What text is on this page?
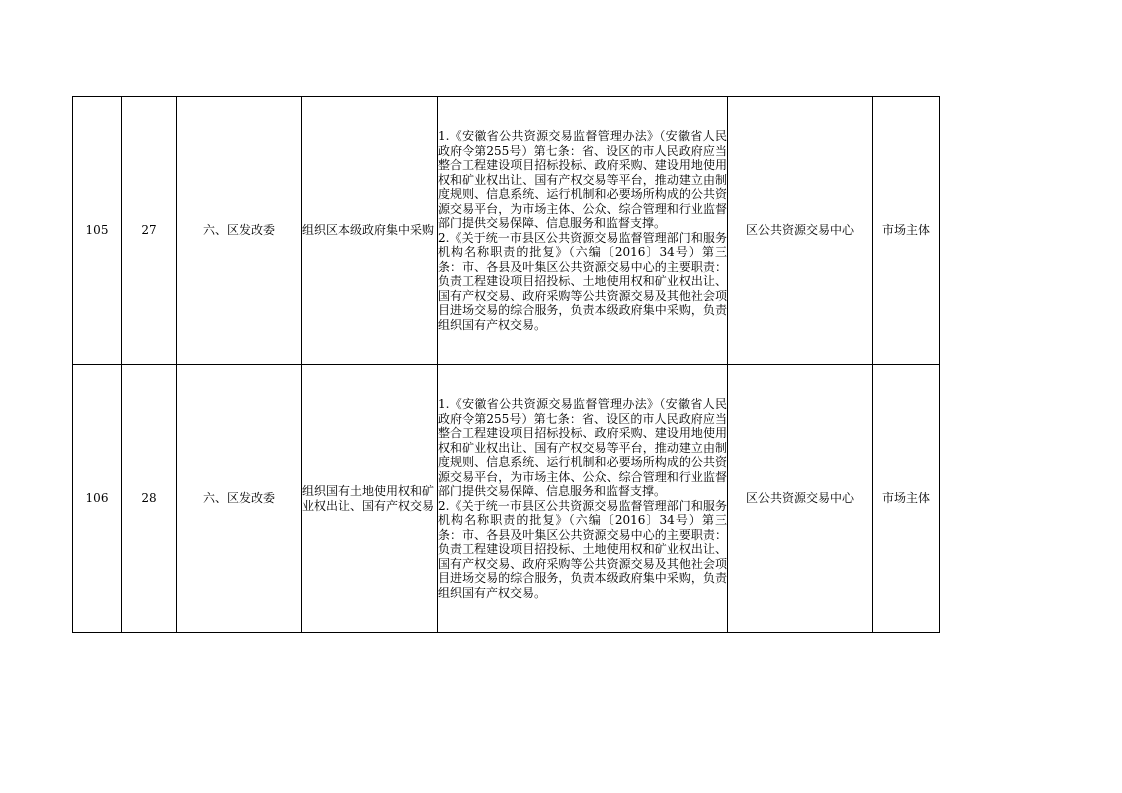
105	27	六、区发改委	组织区本级政府集中采购	1.《安徽省公共资源交易监督管理办法》（安徽省人民政府令第255号）第七条：省、设区的市人民政府应当整合工程建设项目招标投标、政府采购、建设用地使用权和矿业权出让、国有产权交易等平台，推动建立由制度规则、信息系统、运行机制和必要场所构成的公共资源交易平台，为市场主体、公众、综合管理和行业监督部门提供交易保障、信息服务和监督支撑。
2.《关于统一市县区公共资源交易监督管理部门和服务机构名称职责的批复》（六编〔2016〕34号）第三条：市、各县及叶集区公共资源交易中心的主要职责：负责工程建设项目招投标、土地使用权和矿业权出让、国有产权交易、政府采购等公共资源交易及其他社会项目进场交易的综合服务，负责本级政府集中采购，负责组织国有产权交易。	区公共资源交易中心	市场主体
106	28	六、区发改委	组织国有土地使用权和矿业权出让、国有产权交易	1.《安徽省公共资源交易监督管理办法》（安徽省人民政府令第255号）第七条：省、设区的市人民政府应当整合工程建设项目招标投标、政府采购、建设用地使用权和矿业权出让、国有产权交易等平台，推动建立由制度规则、信息系统、运行机制和必要场所构成的公共资源交易平台，为市场主体、公众、综合管理和行业监督部门提供交易保障、信息服务和监督支撑。
2.《关于统一市县区公共资源交易监督管理部门和服务机构名称职责的批复》（六编〔2016〕34号）第三条：市、各县及叶集区公共资源交易中心的主要职责：负责工程建设项目招投标、土地使用权和矿业权出让、国有产权交易、政府采购等公共资源交易及其他社会项目进场交易的综合服务，负责本级政府集中采购，负责组织国有产权交易。	区公共资源交易中心	市场主体
